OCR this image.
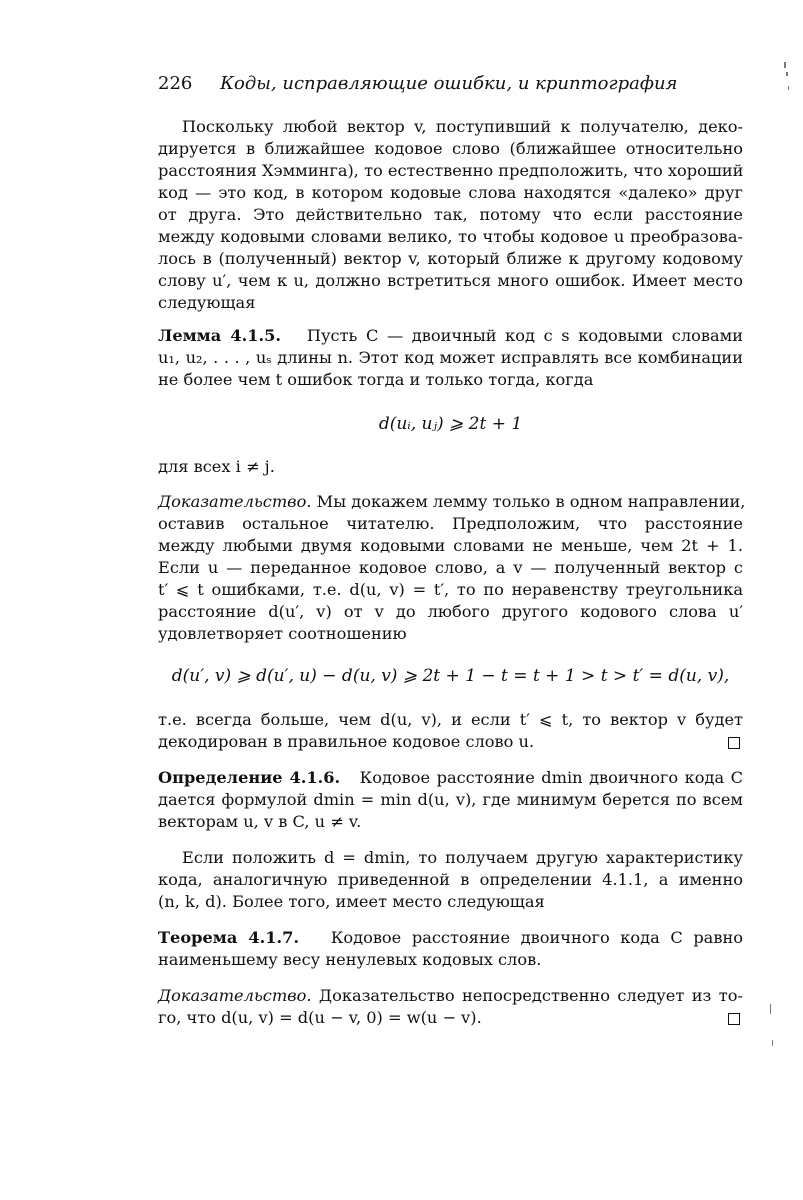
226 Коды, исправляющие ошибки, и криптография
Поскольку любой вектор v, поступивший к получателю, деко-
дируется в ближайшее кодовое слово (ближайшее относительно
расстояния Хэмминга), то естественно предположить, что хороший
код — это код, в котором кодовые слова находятся «далеко» друг
от друга. Это действительно так, потому что если расстояние
между кодовыми словами велико, то чтобы кодовое u преобразова-
лось в (полученный) вектор v, который ближе к другому кодовому
слову u′, чем к u, должно встретиться много ошибок. Имеет место
следующая
Лемма 4.1.5. Пусть C — двоичный код с s кодовыми словами
u₁, u₂, . . . , uₛ длины n. Этот код может исправлять все комбинации
не более чем t ошибок тогда и только тогда, когда
d(uᵢ, uⱼ) ⩾ 2t + 1
для всех i ≠ j.
Доказательство. Мы докажем лемму только в одном направлении,
оставив остальное читателю. Предположим, что расстояние
между любыми двумя кодовыми словами не меньше, чем 2t + 1.
Если u — переданное кодовое слово, а v — полученный вектор с
t′ ⩽ t ошибками, т.е. d(u, v) = t′, то по неравенству треугольника
расстояние d(u′, v) от v до любого другого кодового слова u′
удовлетворяет соотношению
d(u′, v) ⩾ d(u′, u) − d(u, v) ⩾ 2t + 1 − t = t + 1 > t > t′ = d(u, v),
т.е. всегда больше, чем d(u, v), и если t′ ⩽ t, то вектор v будет
декодирован в правильное кодовое слово u.
Определение 4.1.6. Кодовое расстояние dmin двоичного кода C
дается формулой dmin = min d(u, v), где минимум берется по всем
векторам u, v в C, u ≠ v.
Если положить d = dmin, то получаем другую характеристику
кода, аналогичную приведенной в определении 4.1.1, а именно
(n, k, d). Более того, имеет место следующая
Теорема 4.1.7. Кодовое расстояние двоичного кода C равно
наименьшему весу ненулевых кодовых слов.
Доказательство. Доказательство непосредственно следует из то-
го, что d(u, v) = d(u − v, 0) = w(u − v).
